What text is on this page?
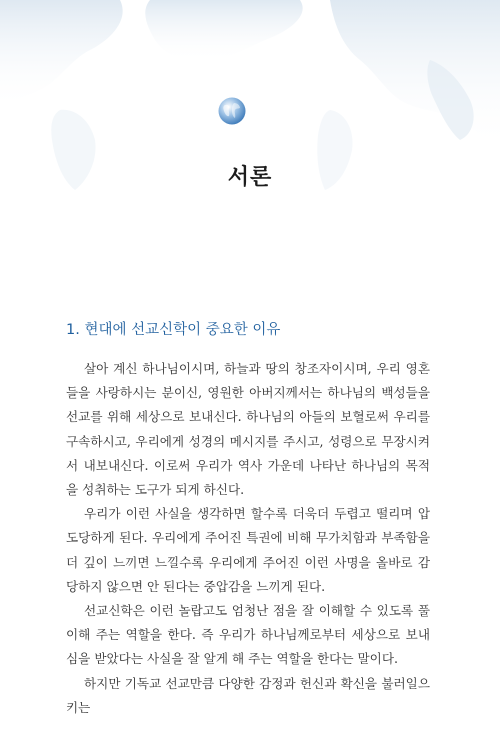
서론
1. 현대에 선교신학이 중요한 이유

살아 계신 하나님이시며, 하늘과 땅의 창조자이시며, 우리 영혼들을 사랑하시는 분이신, 영원한 아버지께서는 하나님의 백성들을 선교를 위해 세상으로 보내신다. 하나님의 아들의 보혈로써 우리를 구속하시고, 우리에게 성경의 메시지를 주시고, 성령으로 무장시켜서 내보내신다. 이로써 우리가 역사 가운데 나타난 하나님의 목적을 성취하는 도구가 되게 하신다.

우리가 이런 사실을 생각하면 할수록 더욱더 두렵고 떨리며 압도당하게 된다. 우리에게 주어진 특권에 비해 무가치함과 부족함을 더 깊이 느끼면 느낄수록 우리에게 주어진 이런 사명을 올바로 감당하지 않으면 안 된다는 중압감을 느끼게 된다.

선교신학은 이런 놀랍고도 엄청난 점을 잘 이해할 수 있도록 풀이해 주는 역할을 한다. 즉 우리가 하나님께로부터 세상으로 보내심을 받았다는 사실을 잘 알게 해 주는 역할을 한다는 말이다.

하지만 기독교 선교만큼 다양한 감정과 헌신과 확신을 불러일으키는
